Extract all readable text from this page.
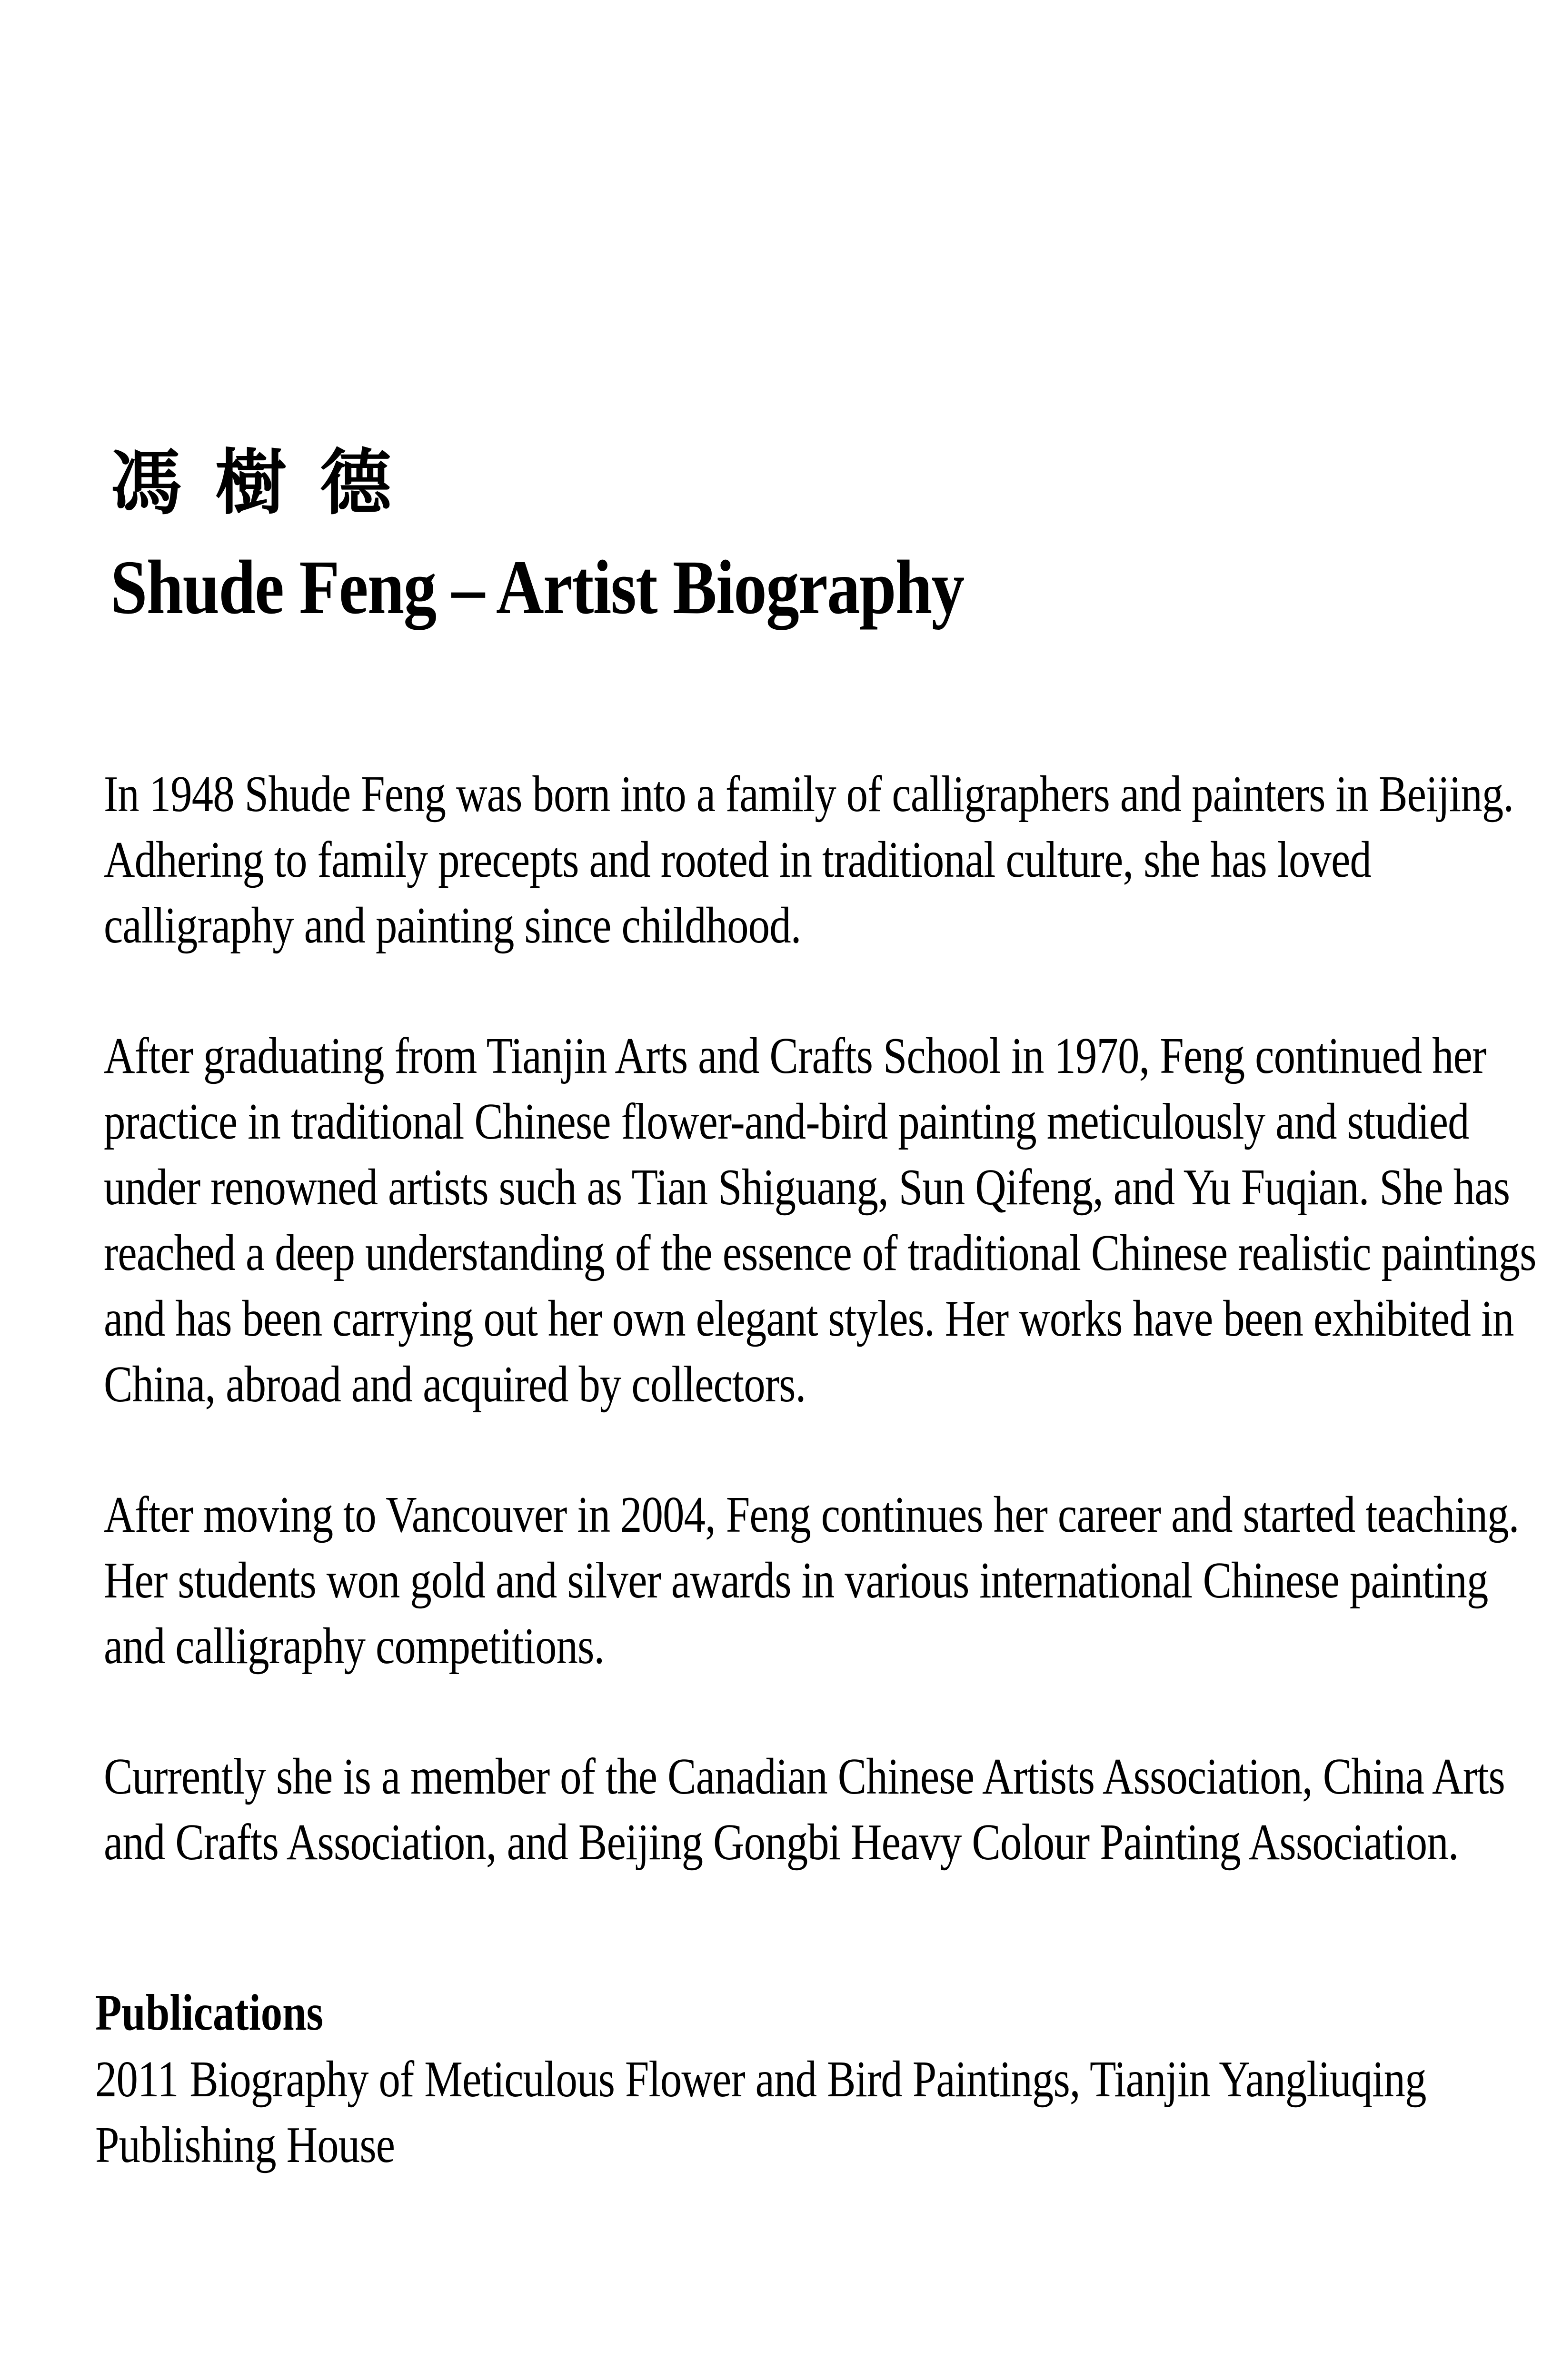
馮樹德
Shude Feng – Artist Biography

In 1948 Shude Feng was born into a family of calligraphers and painters in Beijing.
Adhering to family precepts and rooted in traditional culture, she has loved
calligraphy and painting since childhood.

After graduating from Tianjin Arts and Crafts School in 1970, Feng continued her
practice in traditional Chinese flower-and-bird painting meticulously and studied
under renowned artists such as Tian Shiguang, Sun Qifeng, and Yu Fuqian. She has
reached a deep understanding of the essence of traditional Chinese realistic paintings
and has been carrying out her own elegant styles. Her works have been exhibited in
China, abroad and acquired by collectors.

After moving to Vancouver in 2004, Feng continues her career and started teaching.
Her students won gold and silver awards in various international Chinese painting
and calligraphy competitions.

Currently she is a member of the Canadian Chinese Artists Association, China Arts
and Crafts Association, and Beijing Gongbi Heavy Colour Painting Association.

Publications
2011 Biography of Meticulous Flower and Bird Paintings, Tianjin Yangliuqing
Publishing House
